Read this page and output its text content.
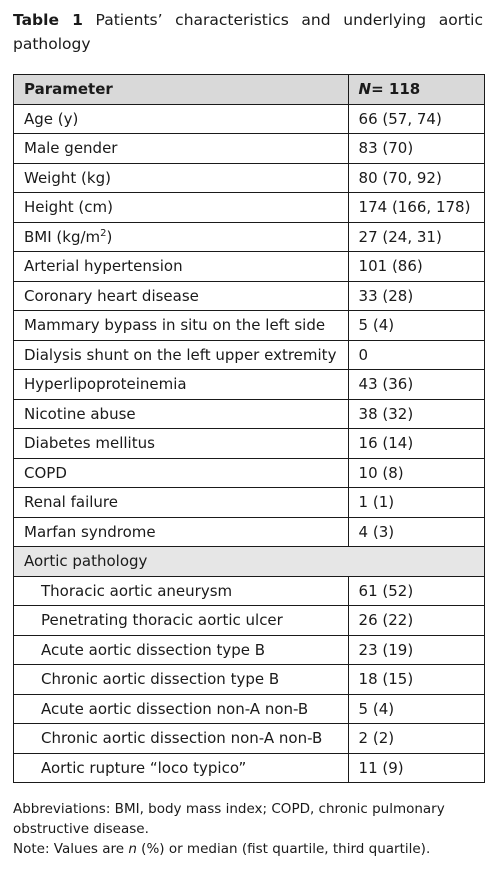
Table 1 Patients’ characteristics and underlying aortic pathology
Parameter	N= 118
Age (y)	66 (57, 74)
Male gender	83 (70)
Weight (kg)	80 (70, 92)
Height (cm)	174 (166, 178)
BMI $(kg/m^2)$	27 (24, 31)
Arterial hypertension	101 (86)
Coronary heart disease	33 (28)
Mammary bypass in situ on the left side	5 (4)
Dialysis shunt on the left upper extremity	0
Hyperlipoproteinemia	43 (36)
Nicotine abuse	38 (32)
Diabetes mellitus	16 (14)
COPD	10 (8)
Renal failure	1 (1)
Marfan syndrome	4 (3)
Aortic pathology	
Thoracic aortic aneurysm	61 (52)
Penetrating thoracic aortic ulcer	26 (22)
Acute aortic dissection type B	23 (19)
Chronic aortic dissection type B	18 (15)
Acute aortic dissection non-A non-B	5 (4)
Chronic aortic dissection non-A non-B	2 (2)
Aortic rupture “loco typico”	11 (9)
Abbreviations: BMI, body mass index; COPD, chronic pulmonary obstructive disease.
Note: Values are n (%) or median (fist quartile, third quartile).
